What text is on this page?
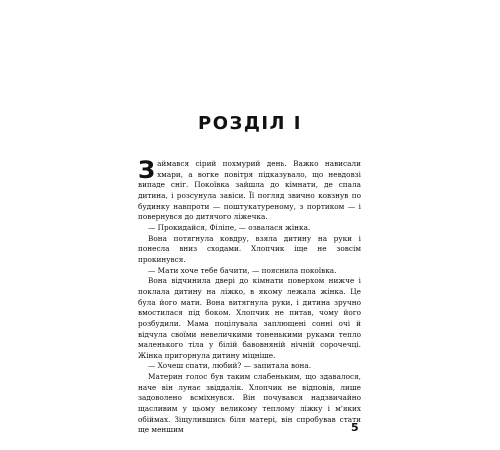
РОЗДІЛ I

Займався сірий похмурий день. Важко нависали хмари, а вогке повітря підказувало, що невдовзі випаде сніг. Покоївка зайшла до кімнати, де спала дитина, і розсунула завіси. Її погляд звично ковзнув по будинку навпроти — поштукатуреному, з портиком — і повернувся до дитячого ліжечка.

— Прокидайся, Філіпе, — озвалася жінка.

Вона потягнула ковдру, взяла дитину на руки і понесла вниз сходами. Хлопчик іще не зовсім прокинувся.

— Мати хоче тебе бачити, — пояснила покоївка.

Вона відчинила двері до кімнати поверхом нижче і поклала дитину на ліжко, в якому лежала жінка. Це була його мати. Вона витягнула руки, і дитина зручно вмостилася під боком. Хлопчик не питав, чому його розбудили. Мама поцілувала заплющені сонні очі й відчула своїми невеличкими тоненькими руками тепло маленького тіла у білій бавовняній нічній сорочечці. Жінка пригорнула дитину міцніше.

— Хочеш спати, любий? — запитала вона.

Материн голос був таким слабеньким, що здавалося, наче він лунає звіддалік. Хлопчик не відповів, лише задоволено всміхнувся. Він почувався надзвичайно щасливим у цьому великому теплому ліжку і м'яких обіймах. Зіщулившись біля матері, він спробував стати ще меншим	5
